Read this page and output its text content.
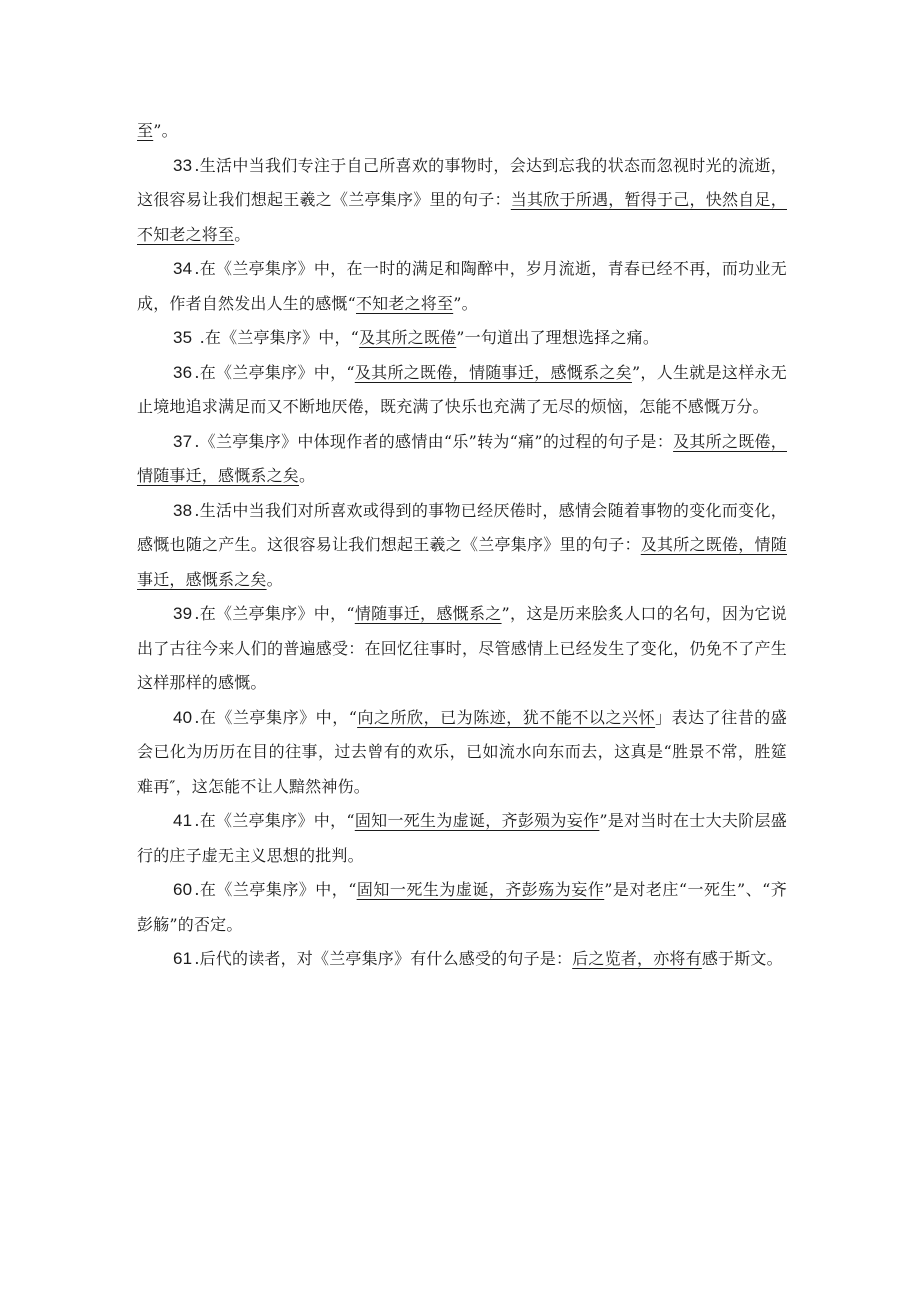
至”。

33 .生活中当我们专注于自己所喜欢的事物时，会达到忘我的状态而忽视时光的流逝，这很容易让我们想起王羲之《兰亭集序》里的句子：当其欣于所遇，暂得于己，快然自足，不知老之将至。

34 .在《兰亭集序》中，在一时的满足和陶醉中，岁月流逝，青春已经不再，而功业无成，作者自然发出人生的感慨“不知老之将至”。

35 .在《兰亭集序》中，“及其所之既倦”一句道出了理想选择之痛。

36 .在《兰亭集序》中，“及其所之既倦，情随事迁，感慨系之矣”，人生就是这样永无止境地追求满足而又不断地厌倦，既充满了快乐也充满了无尽的烦恼，怎能不感慨万分。

37 .《兰亭集序》中体现作者的感情由“乐”转为“痛”的过程的句子是：及其所之既倦，情随事迁，感慨系之矣。

38 .生活中当我们对所喜欢或得到的事物已经厌倦时，感情会随着事物的变化而变化，感慨也随之产生。这很容易让我们想起王羲之《兰亭集序》里的句子：及其所之既倦，情随事迁，感慨系之矣。

39 .在《兰亭集序》中，“情随事迁，感慨系之”，这是历来脍炙人口的名句，因为它说出了古往今来人们的普遍感受：在回忆往事时，尽管感情上已经发生了变化，仍免不了产生这样那样的感慨。

40 .在《兰亭集序》中，“向之所欣，已为陈迹，犹不能不以之兴怀」表达了往昔的盛会已化为历历在目的往事，过去曾有的欢乐，已如流水向东而去，这真是“胜景不常，胜筵难再″，这怎能不让人黯然神伤。

41 .在《兰亭集序》中，“固知一死生为虚诞，齐彭殒为妄作”是对当时在士大夫阶层盛行的庄子虚无主义思想的批判。

60 .在《兰亭集序》中，“固知一死生为虚诞，齐彭殇为妄作”是对老庄“一死生”、“齐彭觞”的否定。

61 .后代的读者，对《兰亭集序》有什么感受的句子是：后之览者，亦将有感于斯文。
